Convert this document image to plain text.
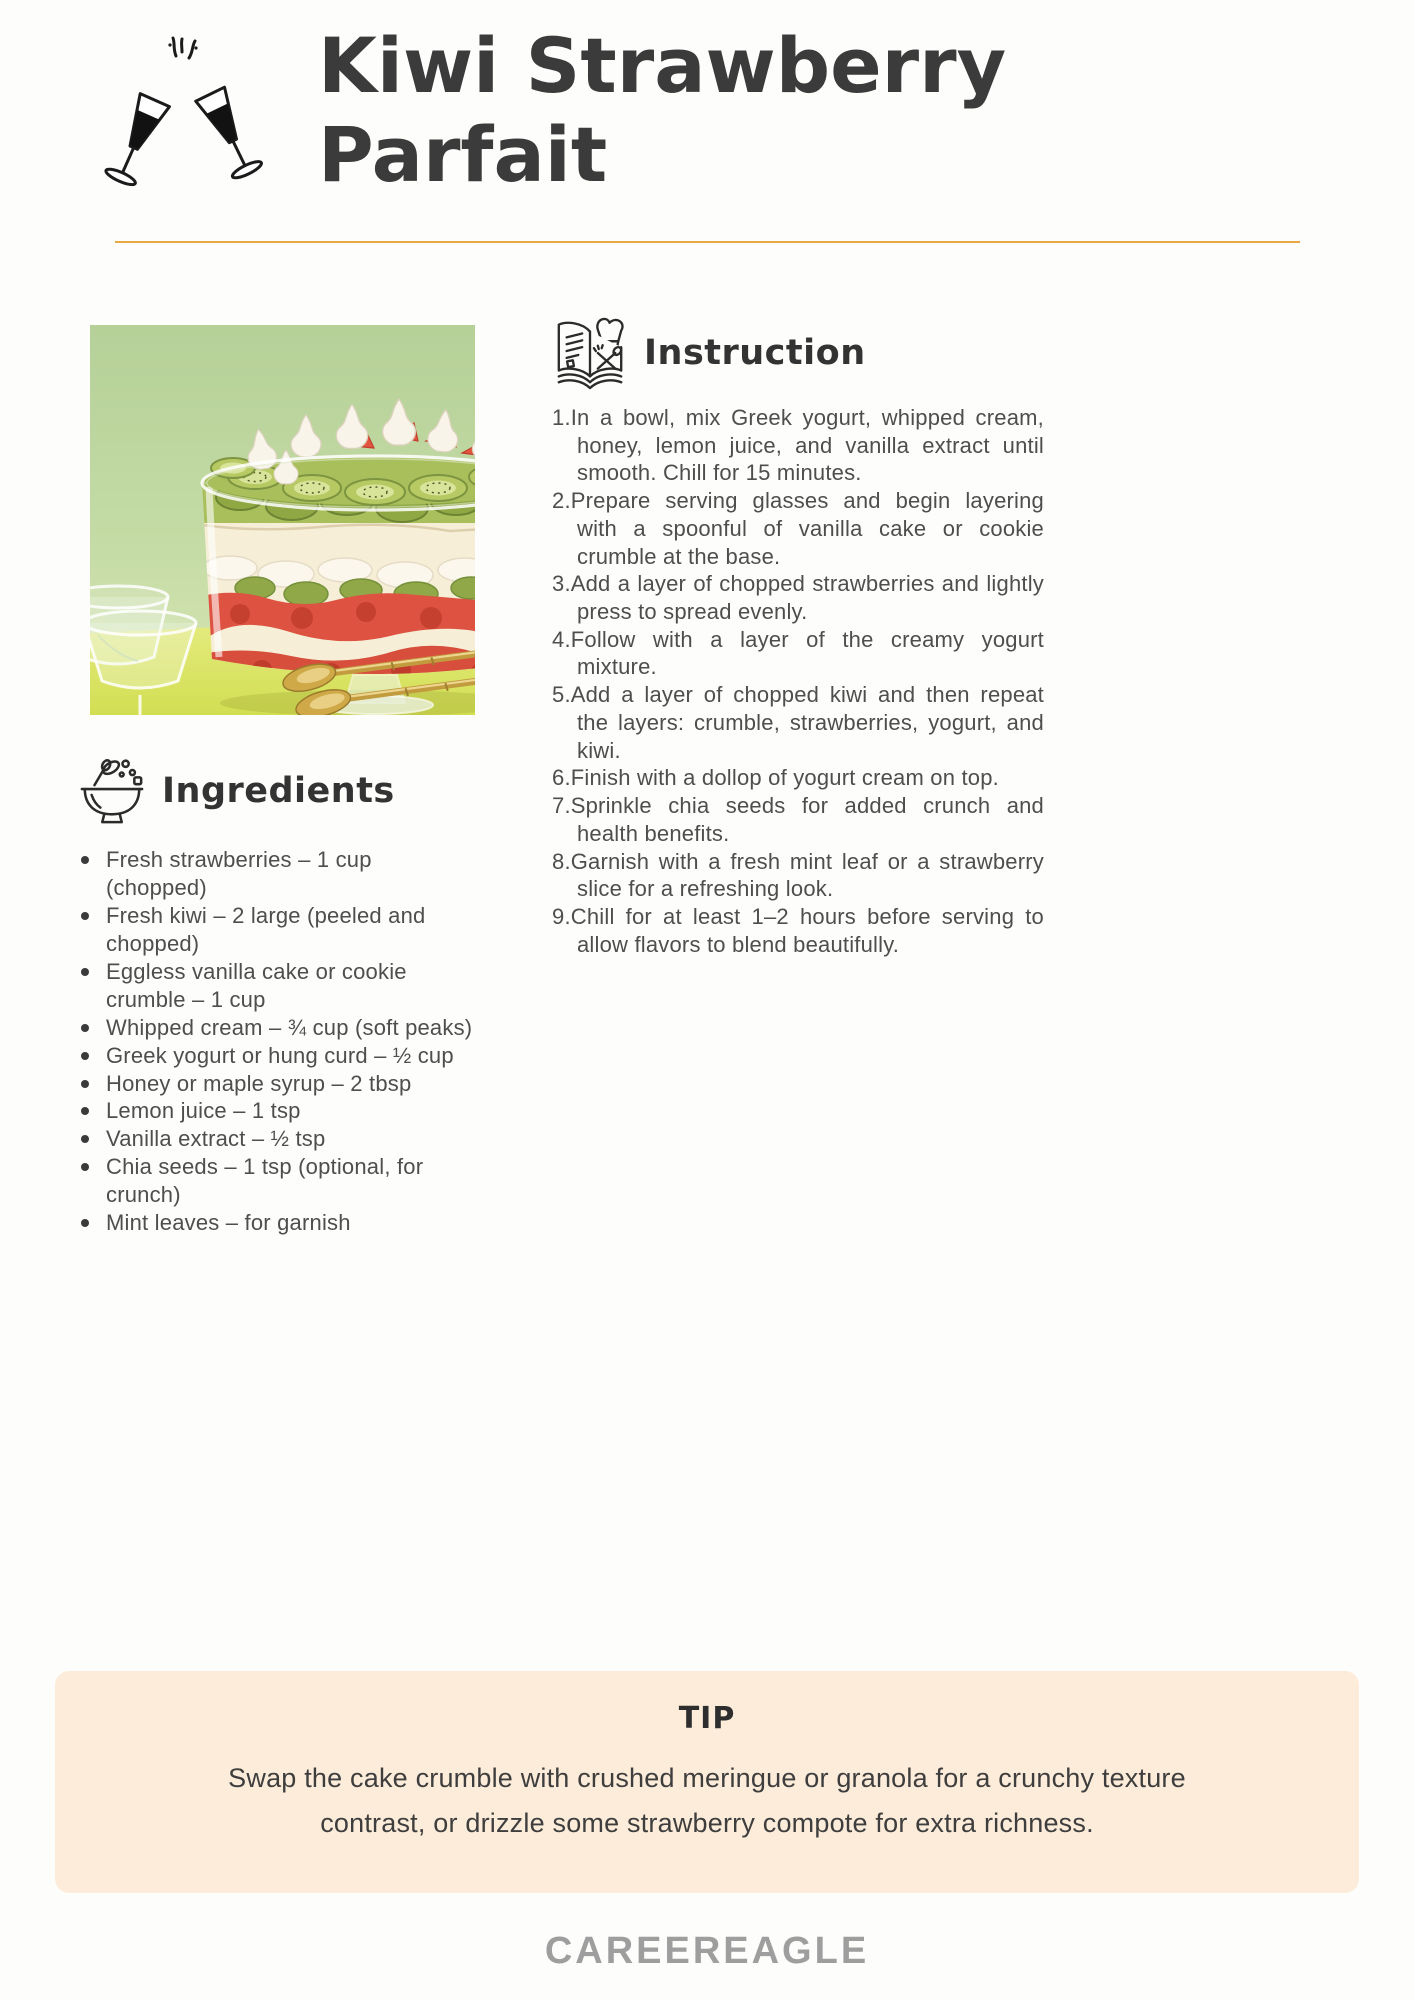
Kiwi Strawberry Parfait
Instruction
In a bowl, mix Greek yogurt, whipped cream, honey, lemon juice, and vanilla extract until smooth. Chill for 15 minutes.
Prepare serving glasses and begin layering with a spoonful of vanilla cake or cookie crumble at the base.
Add a layer of chopped strawberries and lightly press to spread evenly.
Follow with a layer of the creamy yogurt mixture.
Add a layer of chopped kiwi and then repeat the layers: crumble, strawberries, yogurt, and kiwi.
Finish with a dollop of yogurt cream on top.
Sprinkle chia seeds for added crunch and health benefits.
Garnish with a fresh mint leaf or a strawberry slice for a refreshing look.
Chill for at least 1–2 hours before serving to allow flavors to blend beautifully.
Ingredients
Fresh strawberries – 1 cup (chopped)
Fresh kiwi – 2 large (peeled and chopped)
Eggless vanilla cake or cookie crumble – 1 cup
Whipped cream – ¾ cup (soft peaks)
Greek yogurt or hung curd – ½ cup
Honey or maple syrup – 2 tbsp
Lemon juice – 1 tsp
Vanilla extract – ½ tsp
Chia seeds – 1 tsp (optional, for crunch)
Mint leaves – for garnish
TIP

Swap the cake crumble with crushed meringue or granola for a crunchy texture contrast, or drizzle some strawberry compote for extra richness.

CAREEREAGLE
